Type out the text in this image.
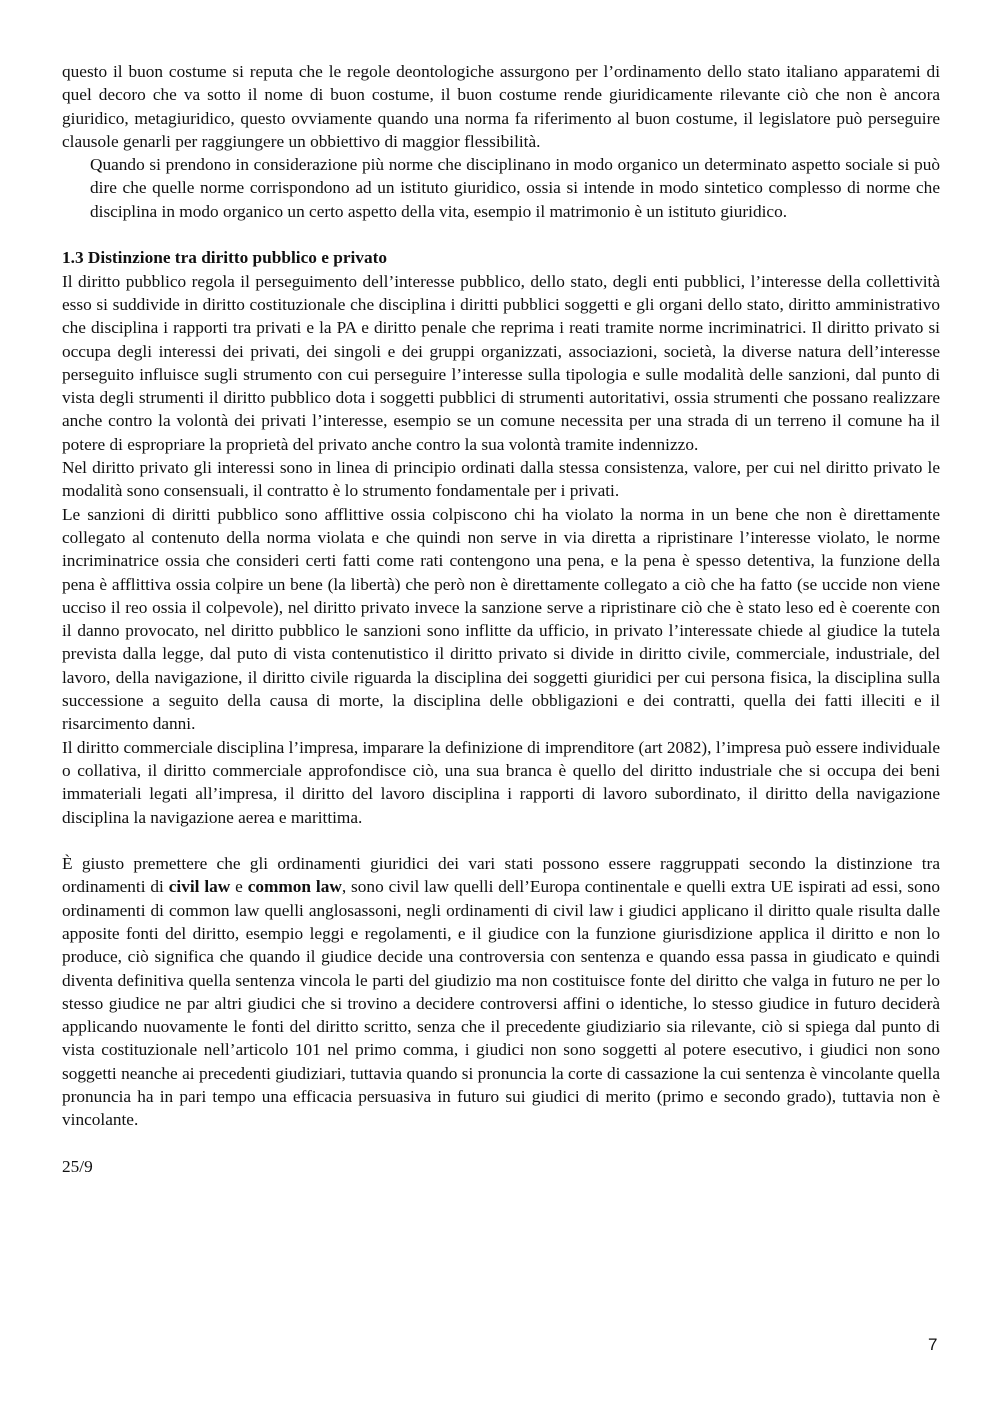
questo il buon costume si reputa che le regole deontologiche assurgono per l’ordinamento dello stato italiano apparatemi di quel decoro che va sotto il nome di buon costume, il buon costume rende giuridicamente rilevante ciò che non è ancora giuridico, metagiuridico, questo ovviamente quando una norma fa riferimento al buon costume, il legislatore può perseguire clausole genarli per raggiungere un obbiettivo di maggior flessibilità.

Quando si prendono in considerazione più norme che disciplinano in modo organico un determinato aspetto sociale si può dire che quelle norme corrispondono ad un istituto giuridico, ossia si intende in modo sintetico complesso di norme che disciplina in modo organico un certo aspetto della vita, esempio il matrimonio è un istituto giuridico.

1.3 Distinzione tra diritto pubblico e privato

Il diritto pubblico regola il perseguimento dell’interesse pubblico, dello stato, degli enti pubblici, l’interesse della collettività esso si suddivide in diritto costituzionale che disciplina i diritti pubblici soggetti e gli organi dello stato, diritto amministrativo che disciplina i rapporti tra privati e la PA e diritto penale che reprima i reati tramite norme incriminatrici. Il diritto privato si occupa degli interessi dei privati, dei singoli e dei gruppi organizzati, associazioni, società, la diverse natura dell’interesse perseguito influisce sugli strumento con cui perseguire l’interesse sulla tipologia e sulle modalità delle sanzioni, dal punto di vista degli strumenti il diritto pubblico dota i soggetti pubblici di strumenti autoritativi, ossia strumenti che possano realizzare anche contro la volontà dei privati l’interesse, esempio se un comune necessita per una strada di un terreno il comune ha il potere di espropriare la proprietà del privato anche contro la sua volontà tramite indennizzo.

Nel diritto privato gli interessi sono in linea di principio ordinati dalla stessa consistenza, valore, per cui nel diritto privato le modalità sono consensuali, il contratto è lo strumento fondamentale per i privati.

Le sanzioni di diritti pubblico sono afflittive ossia colpiscono chi ha violato la norma in un bene che non è direttamente collegato al contenuto della norma violata e che quindi non serve in via diretta a ripristinare l’interesse violato, le norme incriminatrice ossia che consideri certi fatti come rati contengono una pena, e la pena è spesso detentiva, la funzione della pena è afflittiva ossia colpire un bene (la libertà) che però non è direttamente collegato a ciò che ha fatto (se uccide non viene ucciso il reo ossia il colpevole), nel diritto privato invece la sanzione serve a ripristinare ciò che è stato leso ed è coerente con il danno provocato, nel diritto pubblico le sanzioni sono inflitte da ufficio, in privato l’interessate chiede al giudice la tutela prevista dalla legge, dal puto di vista contenutistico il diritto privato si divide in diritto civile, commerciale, industriale, del lavoro, della navigazione, il diritto civile riguarda la disciplina dei soggetti giuridici per cui persona fisica, la disciplina sulla successione a seguito della causa di morte, la disciplina delle obbligazioni e dei contratti, quella dei fatti illeciti e il risarcimento danni.

Il diritto commerciale disciplina l’impresa, imparare la definizione di imprenditore (art 2082), l’impresa può essere individuale o collativa, il diritto commerciale approfondisce ciò, una sua branca è quello del diritto industriale che si occupa dei beni immateriali legati all’impresa, il diritto del lavoro disciplina i rapporti di lavoro subordinato, il diritto della navigazione disciplina la navigazione aerea e marittima.

È giusto premettere che gli ordinamenti giuridici dei vari stati possono essere raggruppati secondo la distinzione tra ordinamenti di civil law e common law, sono civil law quelli dell’Europa continentale e quelli extra UE ispirati ad essi, sono ordinamenti di common law quelli anglosassoni, negli ordinamenti di civil law i giudici applicano il diritto quale risulta dalle apposite fonti del diritto, esempio leggi e regolamenti, e il giudice con la funzione giurisdizione applica il diritto e non lo produce, ciò significa che quando il giudice decide una controversia con sentenza e quando essa passa in giudicato e quindi diventa definitiva quella sentenza vincola le parti del giudizio ma non costituisce fonte del diritto che valga in futuro ne per lo stesso giudice ne par altri giudici che si trovino a decidere controversi affini o identiche, lo stesso giudice in futuro deciderà applicando nuovamente le fonti del diritto scritto, senza che il precedente giudiziario sia rilevante, ciò si spiega dal punto di vista costituzionale nell’articolo 101 nel primo comma, i giudici non sono soggetti al potere esecutivo, i giudici non sono soggetti neanche ai precedenti giudiziari, tuttavia quando si pronuncia la corte di cassazione la cui sentenza è vincolante quella pronuncia ha in pari tempo una efficacia persuasiva in futuro sui giudici di merito (primo e secondo grado), tuttavia non è vincolante.

25/9

7
